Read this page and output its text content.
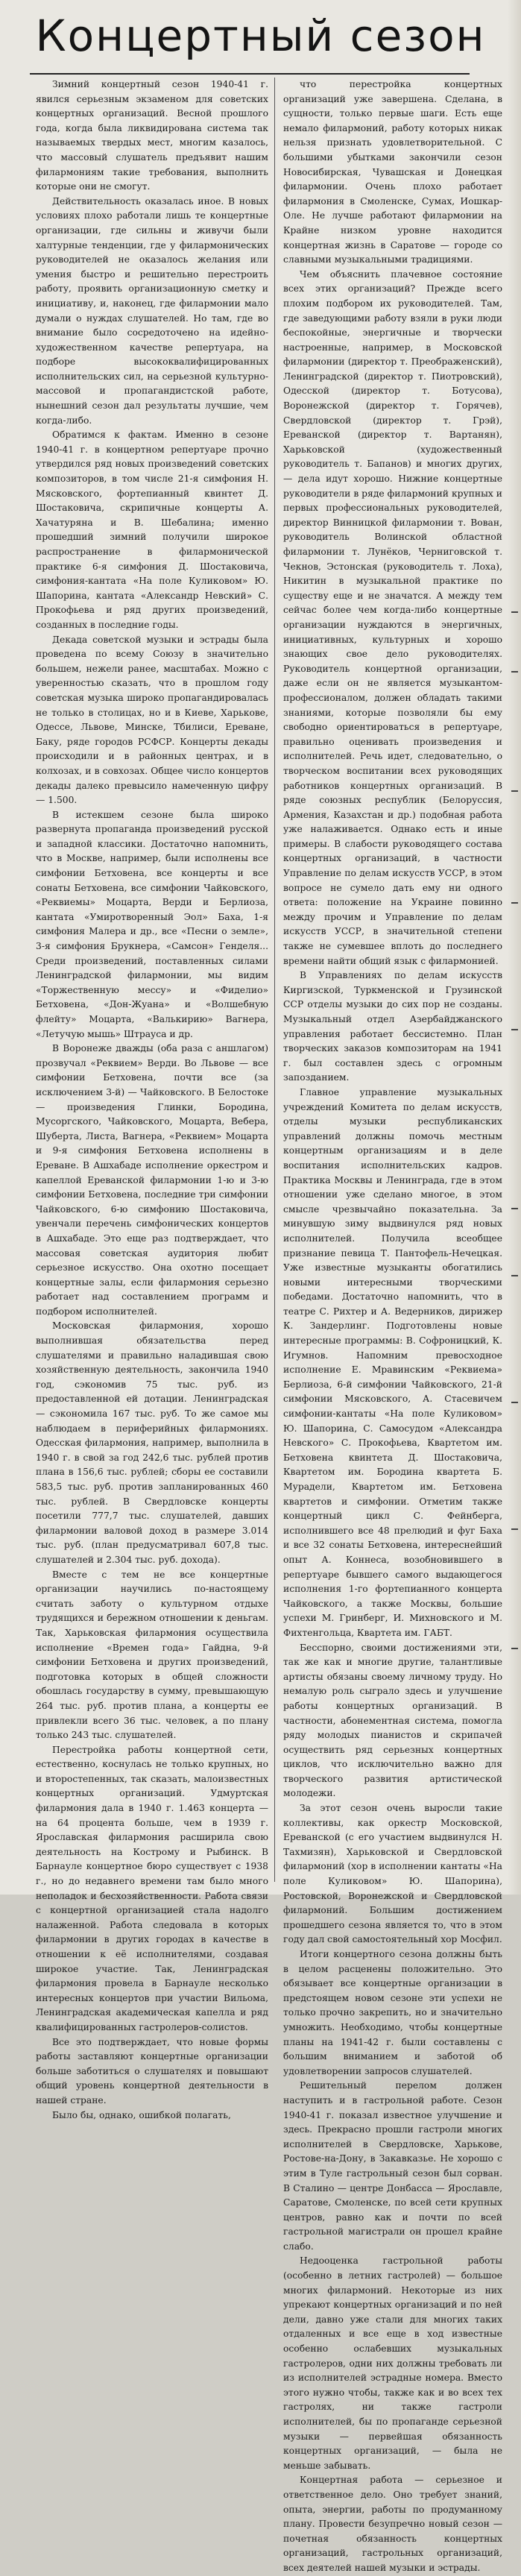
Концертный сезон

Зимний концертный сезон 1940-41 г. явился серьезным экзаменом для советских концертных организаций. Весной прошлого года, когда была ликвидирована система так называемых твердых мест, многим казалось, что массовый слушатель предъявит нашим филармониям такие требования, выполнить которые они не смогут.

Действительность оказалась иное. В новых условиях плохо работали лишь те концертные организации, где сильны и живучи были халтурные тенденции, где у филармонических руководителей не оказалось желания или умения быстро и решительно перестроить работу, проявить организационную сметку и инициативу, и, наконец, где филармонии мало думали о нуждах слушателей. Но там, где во внимание было сосредоточено на идейно-художественном качестве репертуара, на подборе высококвалифицированных исполнительских сил, на серьезной культурно-массовой и пропагандистской работе, нынешний сезон дал результаты лучшие, чем когда-либо.

Обратимся к фактам. Именно в сезоне 1940-41 г. в концертном репертуаре прочно утвердился ряд новых произведений советских композиторов, в том числе 21-я симфония Н. Мясковского, фортепианный квинтет Д. Шостаковича, скрипичные концерты А. Хачатуряна и В. Шебалина; именно прошедший зимний получили широкое распространение в филармонической практике 6-я симфония Д. Шостаковича, симфония-кантата «На поле Куликовом» Ю. Шапорина, кантата «Александр Невский» С. Прокофьева и ряд других произведений, созданных в последние годы.

Декада советской музыки и эстрады была проведена по всему Союзу в значительно большем, нежели ранее, масштабах. Можно с уверенностью сказать, что в прошлом году советская музыка широко пропагандировалась не только в столицах, но и в Киеве, Харькове, Одессе, Львове, Минске, Тбилиси, Ереване, Баку, ряде городов РСФСР. Концерты декады происходили и в районных центрах, и в колхозах, и в совхозах. Общее число концертов декады далеко превысило намеченную цифру — 1.500.

В истекшем сезоне была широко развернута пропаганда произведений русской и западной классики. Достаточно напомнить, что в Москве, например, были исполнены все симфонии Бетховена, все концерты и все сонаты Бетховена, все симфонии Чайковского, «Реквиемы» Моцарта, Верди и Берлиоза, кантата «Умиротворенный Эол» Баха, 1-я симфония Малера и др., все «Песни о земле», 3-я симфония Брукнера, «Самсон» Генделя... Среди произведений, поставленных силами Ленинградской филармонии, мы видим «Торжественную мессу» и «Фиделио» Бетховена, «Дон-Жуана» и «Волшебную флейту» Моцарта, «Валькирию» Вагнера, «Летучую мышь» Штрауса и др.

В Воронеже дважды (оба раза с аншлагом) прозвучал «Реквием» Верди. Во Львове — все симфонии Бетховена, почти все (за исключением 3-й) — Чайковского. В Белостоке — произведения Глинки, Бородина, Мусоргского, Чайковского, Моцарта, Вебера, Шуберта, Листа, Вагнера, «Реквием» Моцарта и 9-я симфония Бетховена исполнены в Ереване. В Ашхабаде исполнение оркестром и капеллой Ереванской филармонии 1-ю и 3-ю симфонии Бетховена, последние три симфонии Чайковского, 6-ю симфонию Шостаковича, увенчали перечень симфонических концертов в Ашхабаде. Это еще раз подтверждает, что массовая советская аудитория любит серьезное искусство. Она охотно посещает концертные залы, если филармония серьезно работает над составлением программ и подбором исполнителей.

Московская филармония, хорошо выполнившая обязательства перед слушателями и правильно наладившая свою хозяйственную деятельность, закончила 1940 год, сэкономив 75 тыс. руб. из предоставленной ей дотации. Ленинградская — сэкономила 167 тыс. руб. То же самое мы наблюдаем в периферийных филармониях. Одесская филармония, например, выполнила в 1940 г. в свой за год 242,6 тыс. рублей против плана в 156,6 тыс. рублей; сборы ее составили 583,5 тыс. руб. против запланированных 460 тыс. рублей. В Свердловске концерты посетили 777,7 тыс. слушателей, давших филармонии валовой доход в размере 3.014 тыс. руб. (план предусматривал 607,8 тыс. слушателей и 2.304 тыс. руб. дохода).

Вместе с тем не все концертные организации научились по-настоящему считать заботу о культурном отдыхе трудящихся и бережном отношении к деньгам. Так, Харьковская филармония осуществила исполнение «Времен года» Гайдна, 9-й симфонии Бетховена и других произведений, подготовка которых в общей сложности обошлась государству в сумму, превышающую 264 тыс. руб. против плана, а концерты ее привлекли всего 36 тыс. человек, а по плану только 243 тыс. слушателей.

Перестройка работы концертной сети, естественно, коснулась не только крупных, но и второстепенных, так сказать, малоизвестных концертных организаций. Удмуртская филармония дала в 1940 г. 1.463 концерта — на 64 процента больше, чем в 1939 г. Ярославская филармония расширила свою деятельность на Кострому и Рыбинск. В Барнауле концертное бюро существует с 1938 г., но до недавнего времени там было много неполадок и бесхозяйственности. Работа связи с концертной организацией стала надолго налаженной. Работа следовала в которых филармонии в других городах в качестве в отношении к её исполнителями, создавая широкое участие. Так, Ленинградская филармония провела в Барнауле несколько интересных концертов при участии Вильома, Ленинградская академическая капелла и ряд квалифицированных гастролеров-солистов.

Все это подтверждает, что новые формы работы заставляют концертные организации больше заботиться о слушателях и повышают общий уровень концертной деятельности в нашей стране.

Было бы, однако, ошибкой полагать,

что перестройка концертных организаций уже завершена. Сделана, в сущности, только первые шаги. Есть еще немало филармоний, работу которых никак нельзя признать удовлетворительной. С большими убытками закончили сезон Новосибирская, Чувашская и Донецкая филармонии. Очень плохо работает филармония в Смоленске, Сумах, Иошкар-Оле. Не лучше работают филармонии на Крайне низком уровне находится концертная жизнь в Саратове — городе со славными музыкальными традициями.

Чем объяснить плачевное состояние всех этих организаций? Прежде всего плохим подбором их руководителей. Там, где заведующими работу взяли в руки люди беспокойные, энергичные и творчески настроенные, например, в Московской филармонии (директор т. Преображенский), Ленинградской (директор т. Пиотровский), Одесской (директор т. Ботусова), Воронежской (директор т. Горячев), Свердловской (директор т. Грэй), Ереванской (директор т. Вартанян), Харьковской (художественный руководитель т. Бапанов) и многих других, — дела идут хорошо. Нижние концертные руководители в ряде филармоний крупных и первых профессиональных руководителей, директор Винницкой филармонии т. Вован, руководитель Волинской областной филармонии т. Лунёков, Черниговской т. Чекнов, Эстонская (руководитель т. Лоха), Никитин в музыкальной практике по существу еще и не значатся. А между тем сейчас более чем когда-либо концертные организации нуждаются в энергичных, инициативных, культурных и хорошо знающих свое дело руководителях. Руководитель концертной организации, даже если он не является музыкантом-профессионалом, должен обладать такими знаниями, которые позволяли бы ему свободно ориентироваться в репертуаре, правильно оценивать произведения и исполнителей. Речь идет, следовательно, о творческом воспитании всех руководящих работников концертных организаций. В ряде союзных республик (Белоруссия, Армения, Казахстан и др.) подобная работа уже налаживается. Однако есть и иные примеры. В слабости руководящего состава концертных организаций, в частности Управление по делам искусств УССР, в этом вопросе не сумело дать ему ни одного ответа: положение на Украине повинно между прочим и Управление по делам искусств УССР, в значительной степени также не сумевшее вплоть до последнего времени найти общий язык с филармонией.

В Управлениях по делам искусств Киргизской, Туркменской и Грузинской ССР отделы музыки до сих пор не созданы. Музыкальный отдел Азербайджанского управления работает бессистемно. План творческих заказов композиторам на 1941 г. был составлен здесь с огромным запозданием.

Главное управление музыкальных учреждений Комитета по делам искусств, отделы музыки республиканских управлений должны помочь местным концертным организациям и в деле воспитания исполнительских кадров. Практика Москвы и Ленинграда, где в этом отношении уже сделано многое, в этом смысле чрезвычайно показательна. За минувшую зиму выдвинулся ряд новых исполнителей. Получила всеобщее признание певица Т. Пантофель-Нечецкая. Уже известные музыканты обогатились новыми интересными творческими победами. Достаточно напомнить, что в театре С. Рихтер и А. Ведерников, дирижер К. Зандерлинг. Подготовлены новые интересные программы: В. Софроницкий, К. Игумнов. Напомним превосходное исполнение Е. Мравинским «Реквиема» Берлиоза, 6-й симфонии Чайковского, 21-й симфонии Мясковского, А. Стасевичем симфонии-кантаты «На поле Куликовом» Ю. Шапорина, С. Самосудом «Александра Невского» С. Прокофьева, Квартетом им. Бетховена квинтета Д. Шостаковича, Квартетом им. Бородина квартета Б. Мурадели, Квартетом им. Бетховена квартетов и симфонии. Отметим также концертный цикл С. Фейнберга, исполнившего все 48 прелюдий и фуг Баха и все 32 сонаты Бетховена, интереснейший опыт А. Коннеса, возобновившего в репертуаре бывшего самого выдающегося исполнения 1-го фортепианного концерта Чайковского, а также Москвы, большие успехи М. Гринберг, И. Михновского и М. Фихтенгольца, Квартета им. ГАБТ.

Бесспорно, своими достижениями эти, так же как и многие другие, талантливые артисты обязаны своему личному труду. Но немалую роль сыграло здесь и улучшение работы концертных организаций. В частности, абонементная система, помогла ряду молодых пианистов и скрипачей осуществить ряд серьезных концертных циклов, что исключительно важно для творческого развития артистической молодежи.

За этот сезон очень выросли такие коллективы, как оркестр Московской, Ереванской (с его участием выдвинулся Н. Тахмизян), Харьковской и Свердловской филармоний (хор в исполнении кантаты «На поле Куликовом» Ю. Шапорина), Ростовской, Воронежской и Свердловской филармоний. Большим достижением прошедшего сезона является то, что в этом году дал свой самостоятельный хор Мосфил.

Итоги концертного сезона должны быть в целом расценены положительно. Это обязывает все концертные организации в предстоящем новом сезоне эти успехи не только прочно закрепить, но и значительно умножить. Необходимо, чтобы концертные планы на 1941-42 г. были составлены с большим вниманием и заботой об удовлетворении запросов слушателей.

Решительный перелом должен наступить и в гастрольной работе. Сезон 1940-41 г. показал известное улучшение и здесь. Прекрасно прошли гастроли многих исполнителей в Свердловске, Харькове, Ростове-на-Дону, в Закавказье. Не хорошо с этим в Туле гастрольный сезон был сорван. В Сталино — центре Донбасса — Ярославле, Саратове, Смоленске, по всей сети крупных центров, равно как и почти по всей гастрольной магистрали он прошел крайне слабо.

Недооценка гастрольной работы (особенно в летних гастролей) — большое многих филармоний. Некоторые из них упрекают концертных организаций и по ней дели, давно уже стали для многих таких отдаленных и все еще в ход известные особенно ослабевших музыкальных гастролеров, одни них должны требовать ли из исполнителей эстрадные номера. Вместо этого нужно чтобы, также как и во всех тех гастролях, ни также гастроли исполнителей, бы по пропаганде серьезной музыки — первейшая обязанность концертных организаций, — была не меньше забывать.

Концертная работа — серьезное и ответственное дело. Оно требует знаний, опыта, энергии, работы по продуманному плану. Провести безупречно новый сезон — почетная обязанность концертных организаций, гастрольных организаций, всех деятелей нашей музыки и эстрады.
